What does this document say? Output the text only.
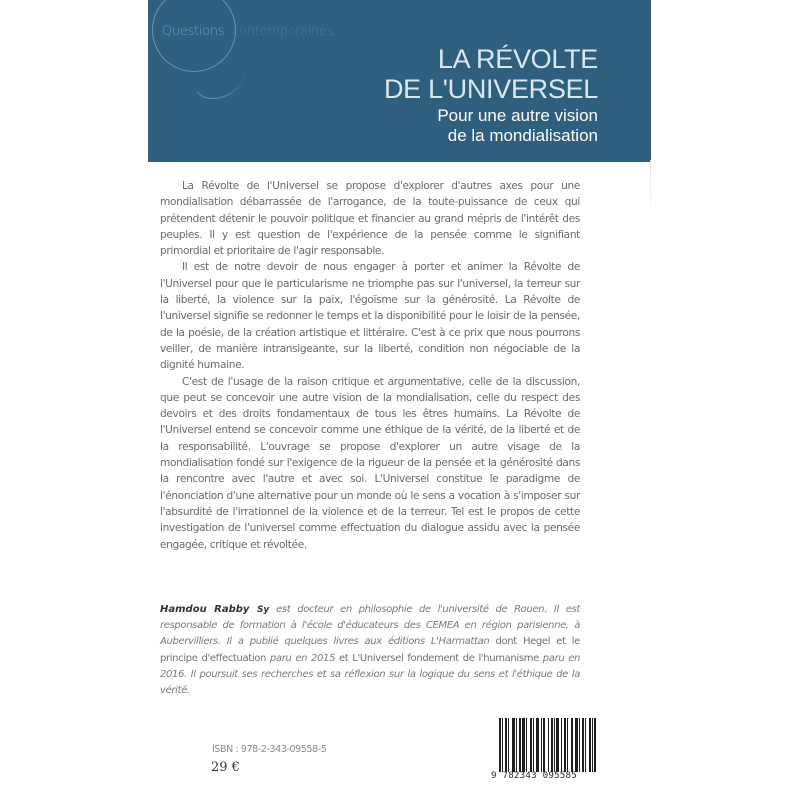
Questions contemporaines
LA RÉVOLTE
DE L'UNIVERSEL
Pour une autre vision
de la mondialisation

La Révolte de l'Universel se propose d'explorer d'autres axes pour une mondialisation débarrassée de l'arrogance, de la toute-puissance de ceux qui prétendent détenir le pouvoir politique et financier au grand mépris de l'intérêt des peuples. Il y est question de l'expérience de la pensée comme le signifiant primordial et prioritaire de l'agir responsable.

Il est de notre devoir de nous engager à porter et animer la Révolte de l'Universel pour que le particularisme ne triomphe pas sur l'universel, la terreur sur la liberté, la violence sur la paix, l'égoïsme sur la générosité. La Révolte de l'universel signifie se redonner le temps et la disponibilité pour le loisir de la pensée, de la poésie, de la création artistique et littéraire. C'est à ce prix que nous pourrons veiller, de manière intransigeante, sur la liberté, condition non négociable de la dignité humaine.

C'est de l'usage de la raison critique et argumentative, celle de la discussion, que peut se concevoir une autre vision de la mondialisation, celle du respect des devoirs et des droits fondamentaux de tous les êtres humains. La Révolte de l'Universel entend se concevoir comme une éthique de la vérité, de la liberté et de la responsabilité. L'ouvrage se propose d'explorer un autre visage de la mondialisation fondé sur l'exigence de la rigueur de la pensée et la générosité dans la rencontre avec l'autre et avec soi. L'Universel constitue le paradigme de l'énonciation d'une alternative pour un monde où le sens a vocation à s'imposer sur l'absurdité de l'irrationnel de la violence et de la terreur. Tel est le propos de cette investigation de l'universel comme effectuation du dialogue assidu avec la pensée engagée, critique et révoltée.

Hamdou Rabby Sy est docteur en philosophie de l'université de Rouen. Il est responsable de formation à l'école d'éducateurs des CEMEA en région parisienne, à Aubervilliers. Il a publié quelques livres aux éditions L'Harmattan dont Hegel et le principe d'effectuation paru en 2015 et L'Universel fondement de l'humanisme paru en 2016. Il poursuit ses recherches et sa réflexion sur la logique du sens et l'éthique de la vérité.
ISBN : 978-2-343-09558-5
29 €
9 782343 095585
